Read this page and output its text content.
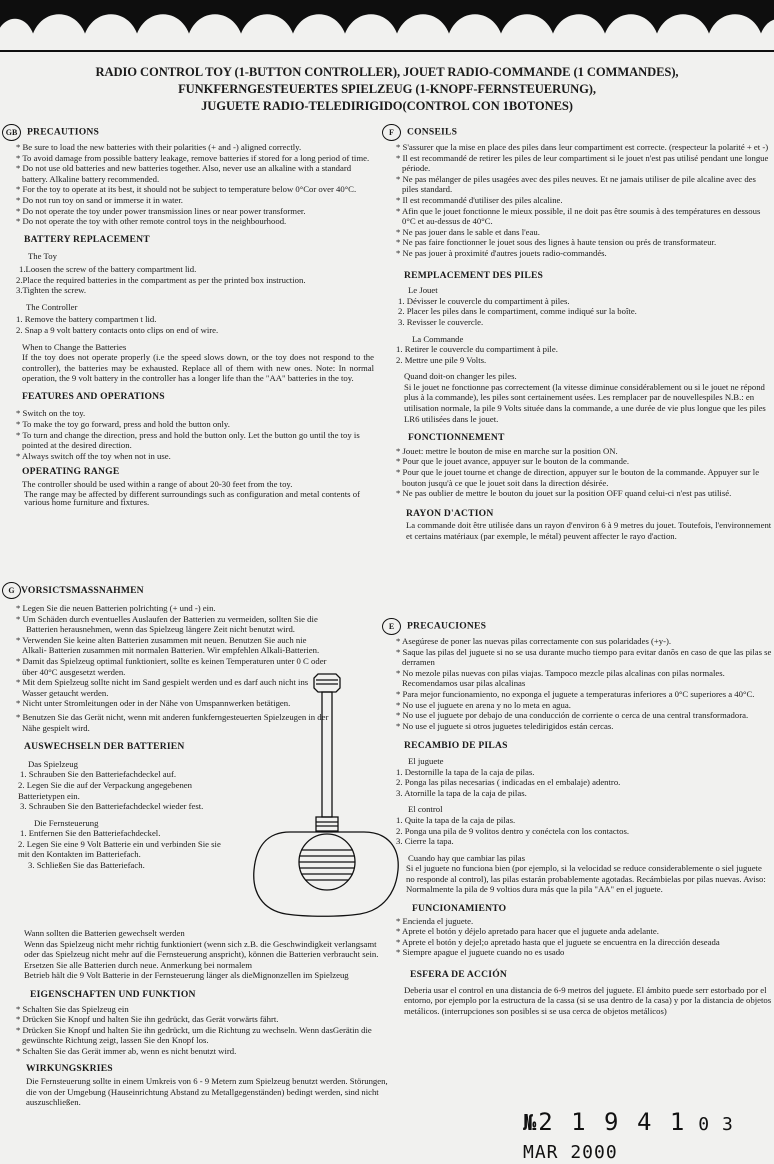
RADIO CONTROL TOY (1-BUTTON CONTROLLER), JOUET RADIO-COMMANDE (1 COMMANDES),
FUNKFERNGESTEUERTES SPIELZEUG (1-KNOPF-FERNSTEUERUNG),
JUGUETE RADIO-TELEDIRIGIDO(CONTROL CON 1BOTONES)
GB PRECAUTIONS
* Be sure to load the new batteries with their polarities (+ and -) aligned correctly.
* To avoid damage from possible battery leakage, remove batteries if stored for a long period of time.
* Do not use old batteries and new batteries together. Also, never use an alkaline with a standard battery. Alkaline battery recommended.
* For the toy to operate at its best, it should not be subject to temperature below 0°Cor over 40°C.
* Do not run toy on sand or immerse it in water.
* Do not operate the toy under power transmission lines or near power transformer.
* Do not operate the toy with other remote control toys in the neighbourhood.
BATTERY REPLACEMENT
The Toy
1.Loosen the screw of the battery compartment lid.
2.Place the required batteries in the compartment as per the printed box instruction.
3.Tighten the screw.
The Controller
1. Remove the battery compartmen t lid.
2. Snap a 9 volt battery contacts onto clips on end of wire.
When to Change the Batteries
If the toy does not operate properly (i.e the speed slows down, or the toy does not respond to the controller), the batteries may be exhausted. Replace all of them with new ones. Note: In normal operation, the 9 volt battery in the controller has a longer life than the "AA" batteries in the toy.
FEATURES AND OPERATIONS
* Switch on the toy.
* To make the toy go forward, press and hold the button only.
* To turn and change the direction, press and hold the button only. Let the button go until the toy is pointed at the desired direction.
* Always switch off the toy when not in use.
OPERATING RANGE
The controller should be used within a range of about 20-30 feet from the toy.
The range may be affected by different surroundings such as configuration and metal contents of various home furniture and fixtures.
G VORSICTSMASSNAHMEN
* Legen Sie die neuen Batterien polrichting (+ und -) ein.
* Um Schäden durch eventuelles Auslaufen der Batterien zu vermeiden, sollten Sie die
Batterien herausnehmen, wenn das Spielzeug längere Zeit nicht benutzt wird.
* Verwenden Sie keine alten Batterien zusammen mit neuen. Benutzen Sie auch nie Alkali- Batterien zusammen mit normalen Batterien. Wir empfehlen Alkali-Batterien.
* Damit das Spielzeug optimal funktioniert, sollte es keinen Temperaturen unter 0 C oder über 40°C ausgesetzt werden.
* Mit dem Spielzeug sollte nicht im Sand gespielt werden und es darf auch nicht ins Wasser getaucht werden.
* Nicht unter Stromleitungen oder in der Nähe von Umspannwerken betätigen.
* Benutzen Sie das Gerät nicht, wenn mit anderen funkferngesteuerten Spielzeugen in der Nähe gespielt wird.
AUSWECHSELN DER BATTERIEN
Das Spielzeug
1. Schrauben Sie den Batteriefachdeckel auf.
2. Legen Sie die auf der Verpackung angegebenen Batterietypen ein.
3. Schrauben Sie den Batteriefachdeckel wieder fest.
Die Fernsteuerung
1. Entfernen Sie den Batteriefachdeckel.
2. Legen Sie eine 9 Volt Batterie ein und verbinden Sie sie mit den Kontakten im Batteriefach.
3. Schließen Sie das Batteriefach.
Wann sollten die Batterien gewechselt werden
Wenn das Spielzeug nicht mehr richtig funktioniert (wenn sich z.B. die Geschwindigkeit verlangsamt oder das Spielzeug nicht mehr auf die Fernsteuerung anspricht), können die Batterien verbraucht sein. Ersetzen Sie alle Batterien durch neue. Anmerkung bei normalem
Betrieb hält die 9 Volt Batterie in der Fernsteuerung länger als dieMignonzellen im Spielzeug
EIGENSCHAFTEN UND FUNKTION
* Schalten Sie das Spielzeug ein
* Drücken Sie Knopf und halten Sie ihn gedrückt, das Gerät vorwärts fährt.
* Drücken Sie Knopf und halten Sie ihn gedrückt, um die Richtung zu wechseln. Wenn dasGerätin die gewünschte Richtung zeigt, lassen Sie den Knopf los.
* Schalten Sie das Gerät immer ab, wenn es nicht benutzt wird.
WIRKUNGSKRIES
Die Fernsteuerung sollte in einem Umkreis von 6 - 9 Metern zum Spielzeug benutzt werden. Störungen, die von der Umgebung (Hauseinrichtung Abstand zu Metallgegenständen) bedingt werden, sind nicht auszuschließen.
F CONSEILS
* S'assurer que la mise en place des piles dans leur compartiment est correcte. (respecteur la polarité + et -)
* Il est recommandé de retirer les piles de leur compartiment si le jouet n'est pas utilisé pendant une longue période.
* Ne pas mélanger de piles usagées avec des piles neuves. Et ne jamais utiliser de pile alcaline avec des piles standard.
* Il est recommandé d'utiliser des piles alcaline.
* Afin que le jouet fonctionne le mieux possible, il ne doit pas être soumis à des températures en dessous 0°C et au-dessus de 40°C.
* Ne pas jouer dans le sable et dans l'eau.
* Ne pas faire fonctionner le jouet sous des lignes à haute tension ou prés de transformateur.
* Ne pas jouer à proximité d'autres jouets radio-commandés.
REMPLACEMENT DES PILES
Le Jouet
1. Dévisser le couvercle du compartiment à piles.
2. Placer les piles dans le compartiment, comme indiqué sur la boîte.
3. Revisser le couvercle.
La Commande
1. Retirer le couvercle du compartiment à pile.
2. Mettre une pile 9 Volts.
Quand doit-on changer les piles.
Si le jouet ne fonctionne pas correctement (la vitesse diminue considérablement ou si le jouet ne répond plus à la commande), les piles sont certainement usées. Les remplacer par de nouvellespiles N.B.: en utilisation normale, la pile 9 Volts située dans la commande, a une durée de vie plus longue que les piles LR6 utilisées dans le jouet.
FONCTIONNEMENT
* Jouet: mettre le bouton de mise en marche sur la position ON.
* Pour que le jouet avance, appuyer sur le bouton de la commande.
* Pour que le jouet tourne et change de direction, appuyer sur le bouton de la commande. Appuyer sur le bouton jusqu'à ce que le jouet soit dans la direction désirée.
* Ne pas oublier de mettre le bouton du jouet sur la position OFF quand celui-ci n'est pas utilisé.
RAYON D'ACTION
La commande doit être utilisée dans un rayon d'environ 6 à 9 metres du jouet. Toutefois, l'environnement et certains matériaux (par exemple, le métal) peuvent affecter le rayo d'action.
E PRECAUCIONES
* Asegúrese de poner las nuevas pilas correctamente con sus polaridades (+y-).
* Saque las pilas del juguete si no se usa durante mucho tiempo para evitar danõs en caso de que las pilas se derramen
* No mezole pilas nuevas con pilas viajas. Tampoco mezcle pilas alcalinas con pilas normales. Recomendamos usar pilas alcalinas
* Para mejor funcionamiento, no exponga el juguete a temperaturas inferiores a 0°C superiores a 40°C.
* No use el juguete en arena y no lo meta en agua.
* No use el juguete por debajo de una conducción de corriente o cerca de una central transformadora.
* No use el juguete si otros juguetes teledirigidos están cercas.
RECAMBIO DE PILAS
El juguete
1. Destornille la tapa de la caja de pilas.
2. Ponga las pilas necesarias ( indicadas en el embalaje) adentro.
3. Atornille la tapa de la caja de pilas.
El control
1. Quite la tapa de la caja de pilas.
2. Ponga una pila de 9 volitos dentro y conéctela con los contactos.
3. Cierre la tapa.
Cuando hay que cambiar las pilas
Si el juguete no funciona bien (por ejemplo, si la velocidad se reduce considerablemente o siel juguete no responde al control), las pilas estarán probablemente agotadas. Recámbielas por pilas nuevas. Aviso: Normalmente la pila de 9 voltios dura más que la pila "AA" en el juguete.
FUNCIONAMIENTO
* Encienda el juguete.
* Aprete el botón y déjelo apretado para hacer que el juguete anda adelante.
* Aprete el botón y dejel;o apretado hasta que el juguete se encuentra en la dirección deseada
* Siempre apague el juguete cuando no es usado
ESFERA DE ACCIÓN
Deberia usar el control en una distancia de 6-9 metros del juguete. El ámbito puede serr estorbado por el entorno, por ejemplo por la estructura de la cassa (si se usa dentro de la casa) y por la distancia de objetos metálicos. (interrupciones son posibles si se usa cerca de objetos metálicos)
№2 1 9 4 1 0 3 MAR 2000
